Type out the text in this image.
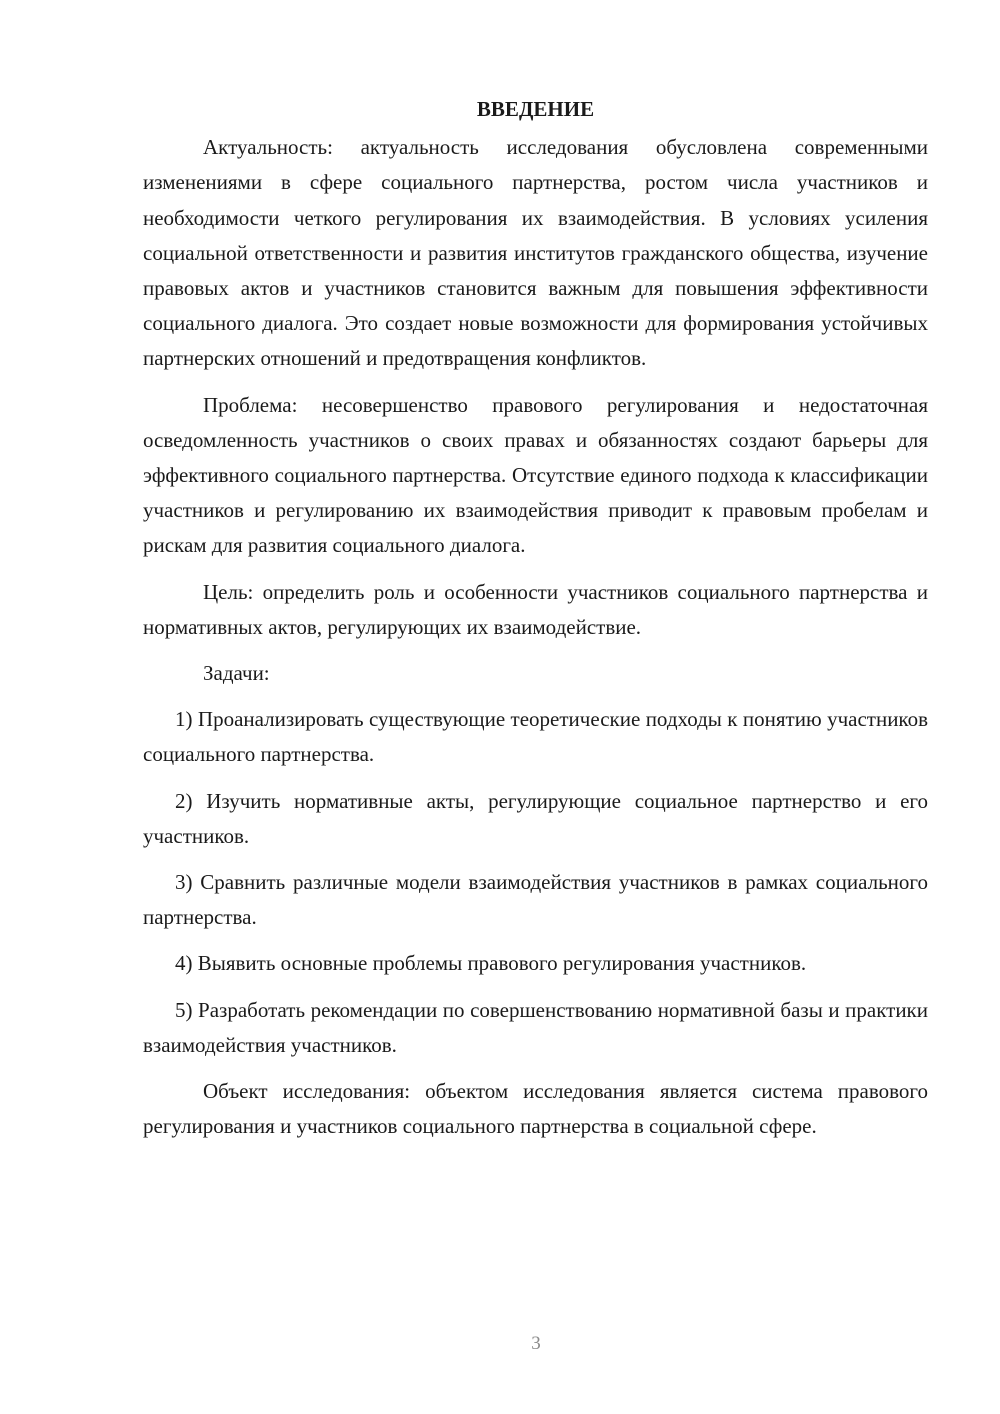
ВВЕДЕНИЕ

Актуальность: актуальность исследования обусловлена современными изменениями в сфере социального партнерства, ростом числа участников и необходимости четкого регулирования их взаимодействия. В условиях усиления социальной ответственности и развития институтов гражданского общества, изучение правовых актов и участников становится важным для повышения эффективности социального диалога. Это создает новые возможности для формирования устойчивых партнерских отношений и предотвращения конфликтов.

Проблема: несовершенство правового регулирования и недостаточная осведомленность участников о своих правах и обязанностях создают барьеры для эффективного социального партнерства. Отсутствие единого подхода к классификации участников и регулированию их взаимодействия приводит к правовым пробелам и рискам для развития социального диалога.

Цель: определить роль и особенности участников социального партнерства и нормативных актов, регулирующих их взаимодействие.

Задачи:

1) Проанализировать существующие теоретические подходы к понятию участников социального партнерства.

2) Изучить нормативные акты, регулирующие социальное партнерство и его участников.

3) Сравнить различные модели взаимодействия участников в рамках социального партнерства.

4) Выявить основные проблемы правового регулирования участников.

5) Разработать рекомендации по совершенствованию нормативной базы и практики взаимодействия участников.

Объект исследования: объектом исследования является система правового регулирования и участников социального партнерства в социальной сфере.

3
